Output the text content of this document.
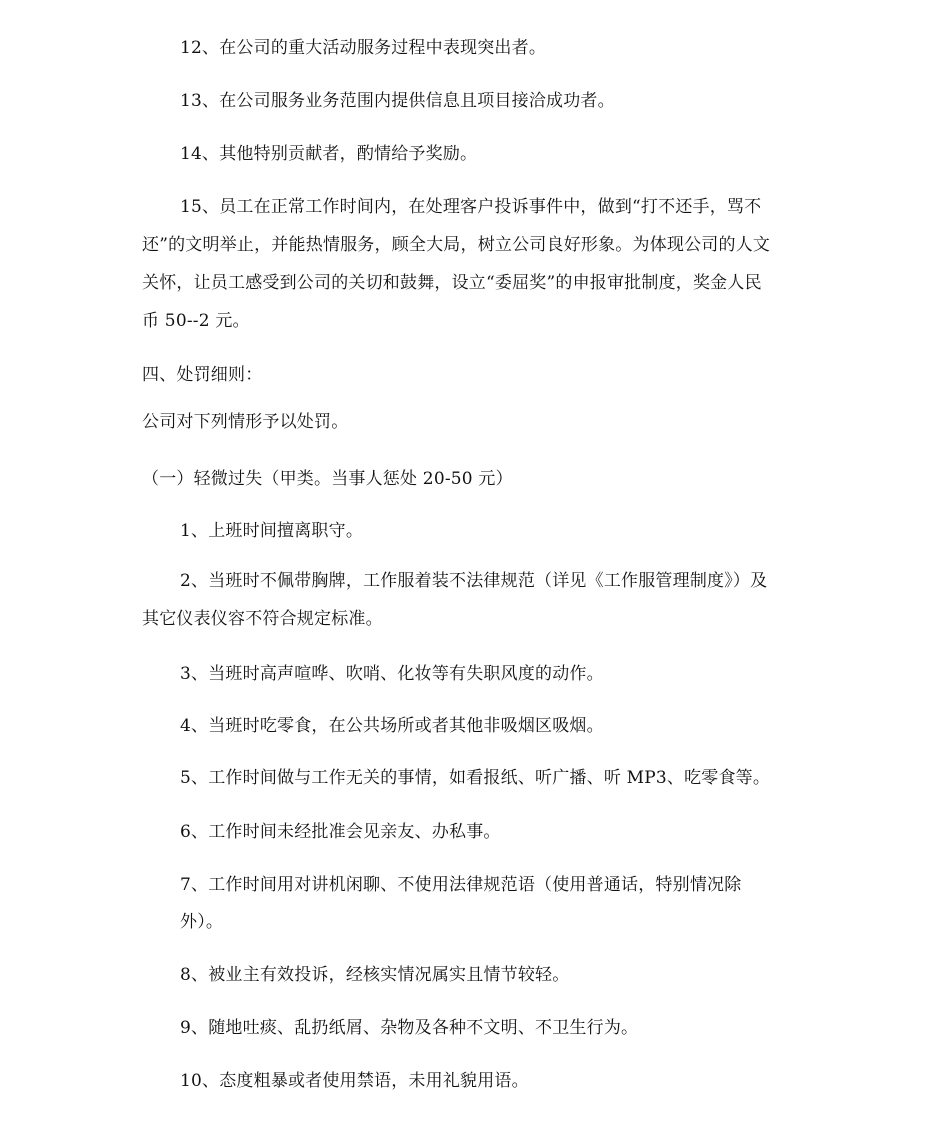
12、在公司的重大活动服务过程中表现突出者。
13、在公司服务业务范围内提供信息且项目接洽成功者。
14、其他特别贡献者，酌情给予奖励。
15、员工在正常工作时间内，在处理客户投诉事件中，做到“打不还手，骂不
还”的文明举止，并能热情服务，顾全大局，树立公司良好形象。为体现公司的人文
关怀，让员工感受到公司的关切和鼓舞，设立“委屈奖”的申报审批制度，奖金人民
币 50--2 元。
四、处罚细则：
公司对下列情形予以处罚。
（一）轻微过失（甲类。当事人惩处 20-50 元）
1、上班时间擅离职守。
2、当班时不佩带胸牌，工作服着装不法律规范（详见《工作服管理制度》）及
其它仪表仪容不符合规定标准。
3、当班时高声喧哗、吹哨、化妆等有失职风度的动作。
4、当班时吃零食，在公共场所或者其他非吸烟区吸烟。
5、工作时间做与工作无关的事情，如看报纸、听广播、听 MP3、吃零食等。
6、工作时间未经批准会见亲友、办私事。
7、工作时间用对讲机闲聊、不使用法律规范语（使用普通话，特别情况除
外）。
8、被业主有效投诉，经核实情况属实且情节较轻。
9、随地吐痰、乱扔纸屑、杂物及各种不文明、不卫生行为。
10、态度粗暴或者使用禁语，未用礼貌用语。
